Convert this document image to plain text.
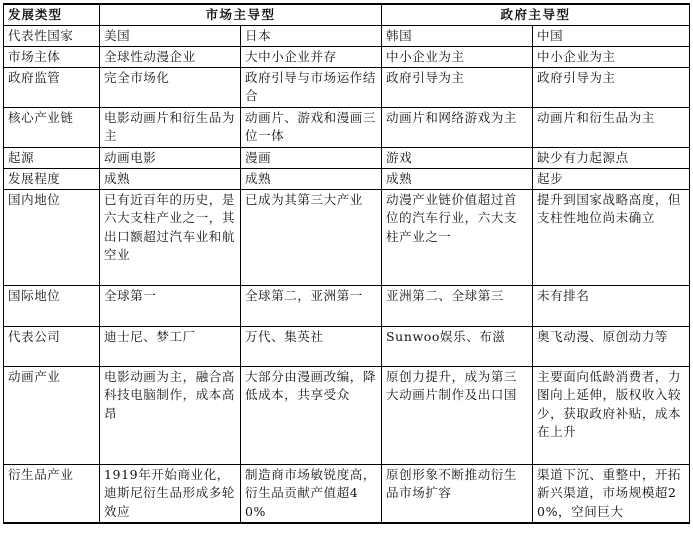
发展类型	市场主导型		政府主导型	
代表性国家	美国	日本	韩国	中国
市场主体	全球性动漫企业	大中小企业并存	中小企业为主	中小企业为主
政府监管	完全市场化	政府引导与市场运作结合	政府引导为主	政府引导为主
核心产业链	电影动画片和衍生品为主	动画片、游戏和漫画三位一体	动画片和网络游戏为主	动画片和衍生品为主
起源	动画电影	漫画	游戏	缺少有力起源点
发展程度	成熟	成熟	成熟	起步
国内地位	已有近百年的历史，是六大支柱产业之一，其出口额超过汽车业和航空业	已成为其第三大产业	动漫产业链价值超过首位的汽车行业，六大支柱产业之一	提升到国家战略高度，但支柱性地位尚未确立
国际地位	全球第一	全球第二，亚洲第一	亚洲第二、全球第三	未有排名
代表公司	迪士尼、梦工厂	万代、集英社	Sunwoo娱乐、布滋	奥飞动漫、原创动力等
动画产业	电影动画为主，融合高科技电脑制作，成本高昂	大部分由漫画改编，降低成本，共享受众	原创力提升，成为第三大动画片制作及出口国	主要面向低龄消费者，力图向上延伸，版权收入较少，获取政府补贴，成本在上升
衍生品产业	1919年开始商业化，迪斯尼衍生品形成多轮效应	制造商市场敏锐度高，衍生品贡献产值超40%	原创形象不断推动衍生品市场扩容	渠道下沉、重整中，开拓新兴渠道，市场规模超20%，空间巨大
